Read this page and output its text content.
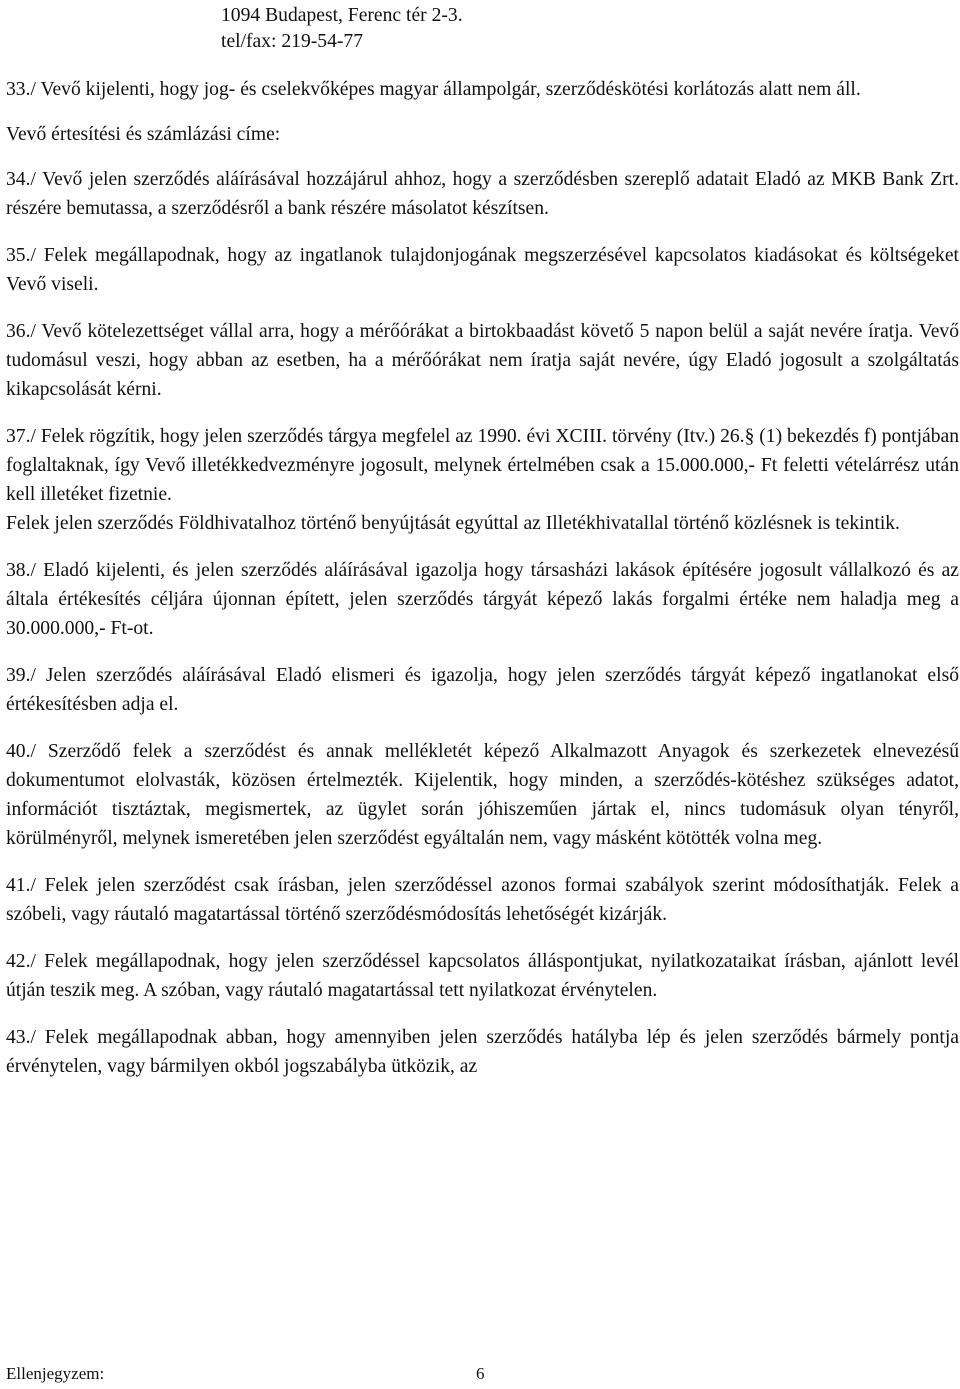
1094 Budapest, Ferenc tér 2-3.
tel/fax: 219-54-77

33./ Vevő kijelenti, hogy jog- és cselekvőképes magyar állampolgár, szerződéskötési korlátozás alatt nem áll.

Vevő értesítési és számlázási címe:

34./ Vevő jelen szerződés aláírásával hozzájárul ahhoz, hogy a szerződésben szereplő adatait Eladó az MKB Bank Zrt. részére bemutassa, a szerződésről a bank részére másolatot készítsen.

35./ Felek megállapodnak, hogy az ingatlanok tulajdonjogának megszerzésével kapcsolatos kiadásokat és költségeket Vevő viseli.

36./ Vevő kötelezettséget vállal arra, hogy a mérőórákat a birtokbaadást követő 5 napon belül a saját nevére íratja. Vevő tudomásul veszi, hogy abban az esetben, ha a mérőórákat nem íratja saját nevére, úgy Eladó jogosult a szolgáltatás kikapcsolását kérni.

37./ Felek rögzítik, hogy jelen szerződés tárgya megfelel az 1990. évi XCIII. törvény (Itv.) 26.§ (1) bekezdés f) pontjában foglaltaknak, így Vevő illetékkedvezményre jogosult, melynek értelmében csak a 15.000.000,- Ft feletti vételárrész után kell illetéket fizetnie.

Felek jelen szerződés Földhivatalhoz történő benyújtását egyúttal az Illetékhivatallal történő közlésnek is tekintik.

38./ Eladó kijelenti, és jelen szerződés aláírásával igazolja hogy társasházi lakások építésére jogosult vállalkozó és az általa értékesítés céljára újonnan épített, jelen szerződés tárgyát képező lakás forgalmi értéke nem haladja meg a 30.000.000,- Ft-ot.

39./ Jelen szerződés aláírásával Eladó elismeri és igazolja, hogy jelen szerződés tárgyát képező ingatlanokat első értékesítésben adja el.

40./ Szerződő felek a szerződést és annak mellékletét képező Alkalmazott Anyagok és szerkezetek elnevezésű dokumentumot elolvasták, közösen értelmezték. Kijelentik, hogy minden, a szerződés-kötéshez szükséges adatot, információt tisztáztak, megismertek, az ügylet során jóhiszeműen jártak el, nincs tudomásuk olyan tényről, körülményről, melynek ismeretében jelen szerződést egyáltalán nem, vagy másként kötötték volna meg.

41./ Felek jelen szerződést csak írásban, jelen szerződéssel azonos formai szabályok szerint módosíthatják. Felek a szóbeli, vagy ráutaló magatartással történő szerződésmódosítás lehetőségét kizárják.

42./ Felek megállapodnak, hogy jelen szerződéssel kapcsolatos álláspontjukat, nyilatkozataikat írásban, ajánlott levél útján teszik meg. A szóban, vagy ráutaló magatartással tett nyilatkozat érvénytelen.

43./ Felek megállapodnak abban, hogy amennyiben jelen szerződés hatályba lép és jelen szerződés bármely pontja érvénytelen, vagy bármilyen okból jogszabályba ütközik, az

Ellenjegyzem:	6
